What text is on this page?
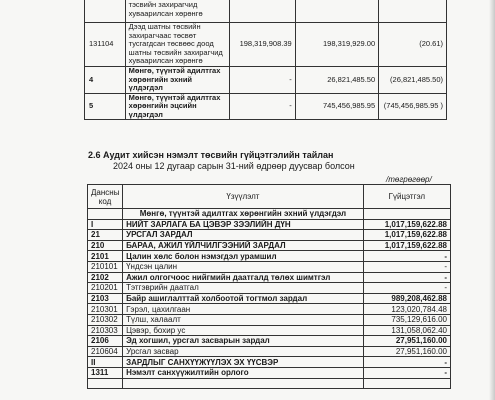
	тэсвийн захирагчид хуваарилсан хөрөнгө			
131104	Дээд шатны төсвийн захирагчаас төсвөт тусгагдсан төсвөөс доод шатны төсвийн захирагчид хуваарилсан хөрөнгө	198,319,908.39	198,319,929.00	(20.61)
4	Мөнгө, түүнтэй адилтгах хөрөнгийн эхний үлдэгдэл	-	26,821,485.50	(26,821,485.50)
5	Мөнгө, түүнтэй адилтгах хөрөнгийн эцсийн үлдэгдэл	-	745,456,985.95	(745,456,985.95 )
2.6 Аудит хийсэн нэмэлт төсвийн гүйцэтгэлийн тайлан
2024 оны 12 дугаар сарын 31-ний өдрөөр дуусвар болсон
/төгрөгөөр/
Дансны код	Үзүүлэлт	Гүйцэтгэл
	Мөнгө, түүнтэй адилтгах хөрөнгийн эхний үлдэгдэл	
I	НИЙТ ЗАРЛАГА БА ЦЭВЭР ЗЭЭЛИЙН ДҮН	1,017,159,622.88
21	УРСГАЛ ЗАРДАЛ	1,017,159,622.88
210	БАРАА, АЖИЛ ҮЙЛЧИЛГЭЭНИЙ ЗАРДАЛ	1,017,159,622.88
2101	Цалин хөлс болон нэмэгдэл урамшил	-
210101	Үндсэн цалин	-
2102	Ажил олгогчоос нийгмийн даатгалд төлөх шимтгэл	-
210201	Тэтгэврийн даатгал	-
2103	Байр ашиглалттай холбоотой тогтмол зардал	989,208,462.88
210301	Гэрэл, цахилгаан	123,020,784.48
210302	Түлш, халаалт	735,129,616.00
210303	Цэвэр, бохир ус	131,058,062.40
2106	Эд хогшил, урсгал засварын зардал	27,951,160.00
210604	Урсгал засвар	27,951,160.00
II	ЗАРДЛЫГ САНХҮҮЖҮҮЛЭХ ЭХ ҮҮСВЭР	-
1311	Нэмэлт санхүүжилтийн орлого	-
